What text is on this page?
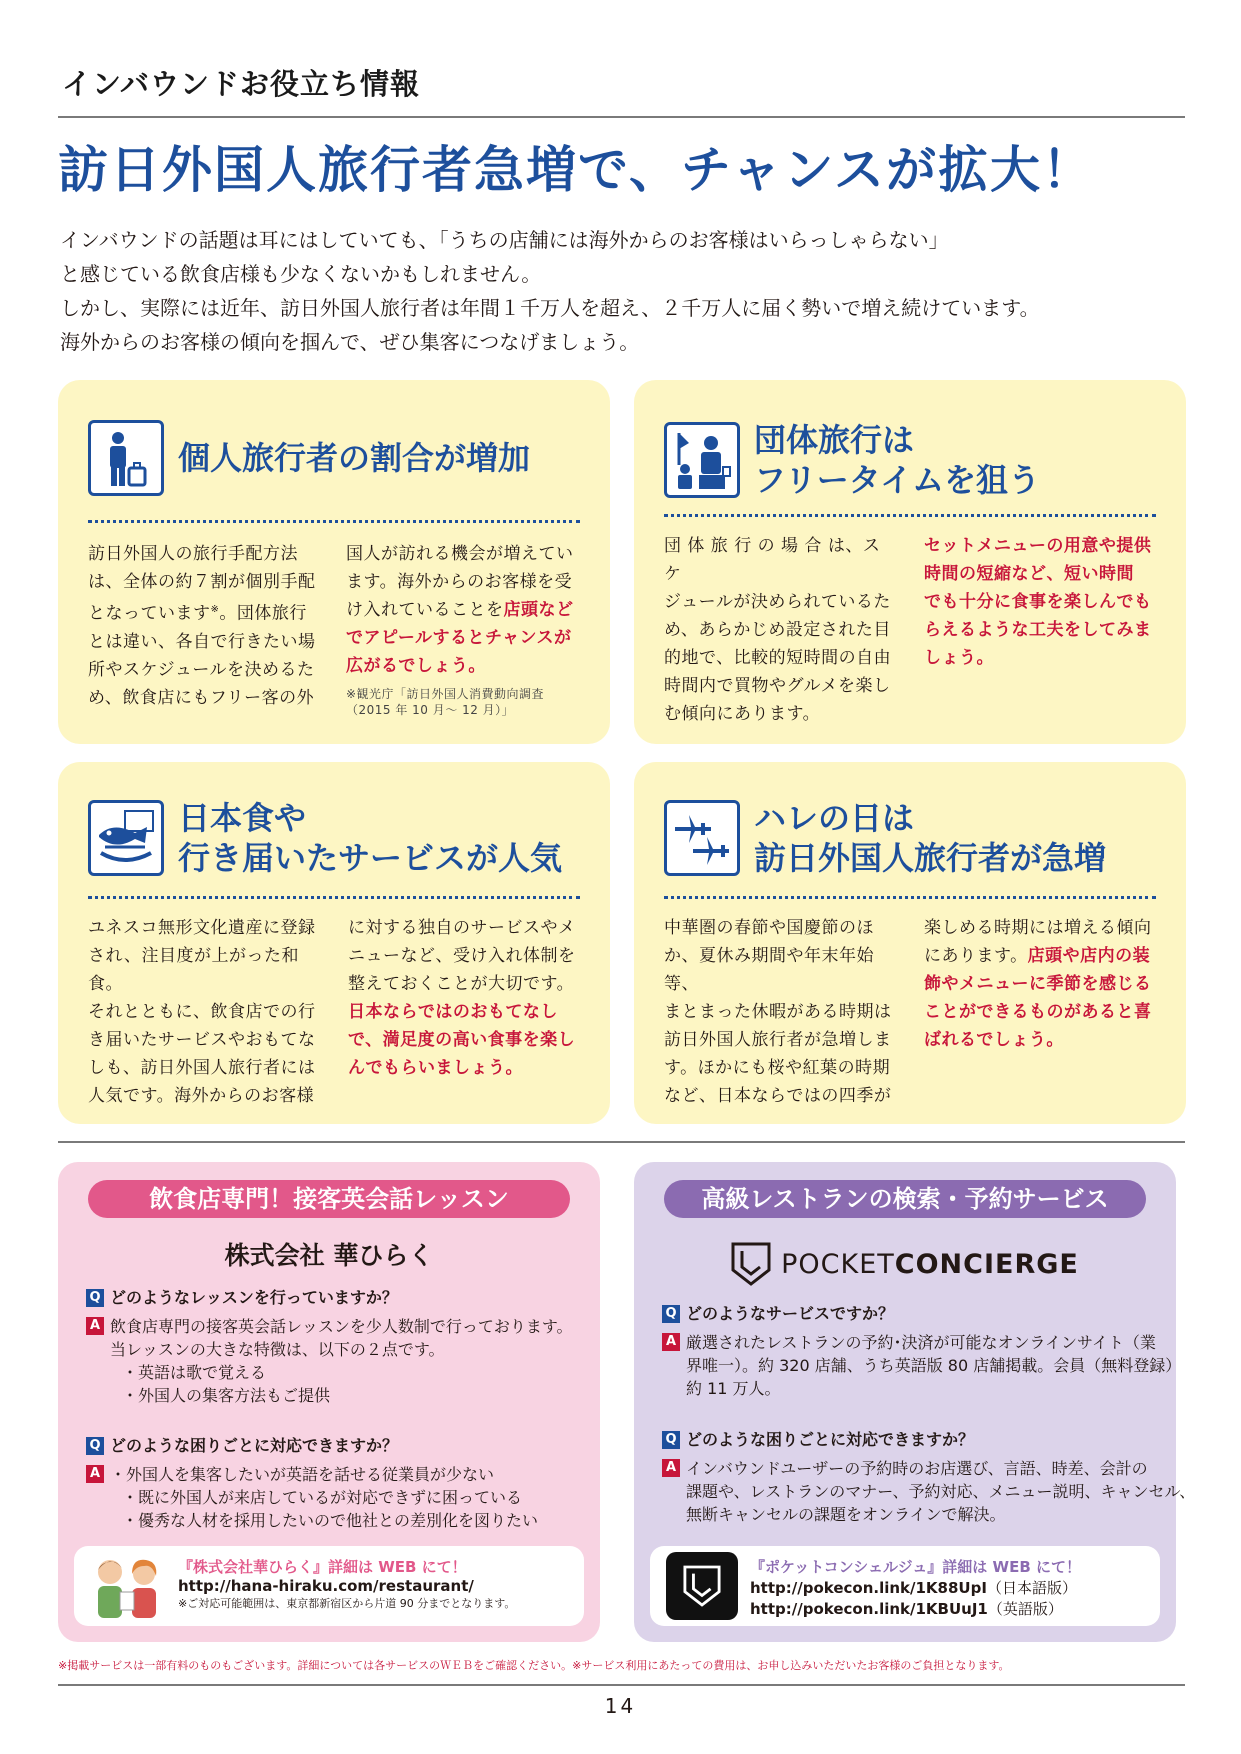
インバウンドお役立ち情報
訪日外国人旅行者急増で、チャンスが拡大！

インバウンドの話題は耳にはしていても、「うちの店舗には海外からのお客様はいらっしゃらない」

と感じている飲食店様も少なくないかもしれません。

しかし、実際には近年、訪日外国人旅行者は年間１千万人を超え、２千万人に届く勢いで増え続けています。

海外からのお客様の傾向を掴んで、ぜひ集客につなげましょう。

個人旅行者の割合が増加
訪日外国人の旅行手配方法
は、全体の約７割が個別手配
となっています※。団体旅行
とは違い、各自で行きたい場
所やスケジュールを決めるた
め、飲食店にもフリー客の外
国人が訪れる機会が増えてい
ます。海外からのお客様を受
け入れていることを店頭など
でアピールするとチャンスが
広がるでしょう。
※観光庁「訪日外国人消費動向調査
（2015 年 10 月〜 12 月）」
団体旅行は
フリータイムを狙う
団 体 旅 行 の 場 合 は、ス ケ
ジュールが決められているた
め、あらかじめ設定された目
的地で、比較的短時間の自由
時間内で買物やグルメを楽し
む傾向にあります。
セットメニューの用意や提供
時間の短縮など、短い時間
でも十分に食事を楽しんでも
らえるような工夫をしてみま
しょう。
日本食や
行き届いたサービスが人気
ユネスコ無形文化遺産に登録
され、注目度が上がった和食。
それとともに、飲食店での行
き届いたサービスやおもてな
しも、訪日外国人旅行者には
人気です。海外からのお客様
に対する独自のサービスやメ
ニューなど、受け入れ体制を
整えておくことが大切です。
日本ならではのおもてなし
で、満足度の高い食事を楽し
んでもらいましょう。
ハレの日は
訪日外国人旅行者が急増
中華圏の春節や国慶節のほ
か、夏休み期間や年末年始等、
まとまった休暇がある時期は
訪日外国人旅行者が急増しま
す。ほかにも桜や紅葉の時期
など、日本ならではの四季が
楽しめる時期には増える傾向
にあります。店頭や店内の装
飾やメニューに季節を感じる
ことができるものがあると喜
ばれるでしょう。
飲食店専門！接客英会話レッスン
株式会社 華ひらく
Q どのようなレッスンを行っていますか？
A 飲食店専門の接客英会話レッスンを少人数制で行っております。
当レッスンの大きな特徴は、以下の２点です。
・英語は歌で覚える
・外国人の集客方法もご提供
Q どのような困りごとに対応できますか？
A ・外国人を集客したいが英語を話せる従業員が少ない
・既に外国人が来店しているが対応できずに困っている
・優秀な人材を採用したいので他社との差別化を図りたい
『株式会社華ひらく』詳細は WEB にて！
http://hana-hiraku.com/restaurant/
※ご対応可能範囲は、東京都新宿区から片道 90 分までとなります。
高級レストランの検索・予約サービス
POCKETCONCIERGE
Q どのようなサービスですか？
A 厳選されたレストランの予約･決済が可能なオンラインサイト（業
界唯一）。約 320 店舗、うち英語版 80 店舗掲載。会員（無料登録）
約 11 万人。
Q どのような困りごとに対応できますか？
A インバウンドユーザーの予約時のお店選び、言語、時差、会計の
課題や、レストランのマナー、予約対応、メニュー説明、キャンセル、
無断キャンセルの課題をオンラインで解決。
『ポケットコンシェルジュ』詳細は WEB にて！
http://pokecon.link/1K88UpI（日本語版）
http://pokecon.link/1KBUuJ1（英語版）
※掲載サービスは一部有料のものもございます。詳細については各サービスのＷＥＢをご確認ください。※サービス利用にあたっての費用は、お申し込みいただいたお客様のご負担となります。
14
